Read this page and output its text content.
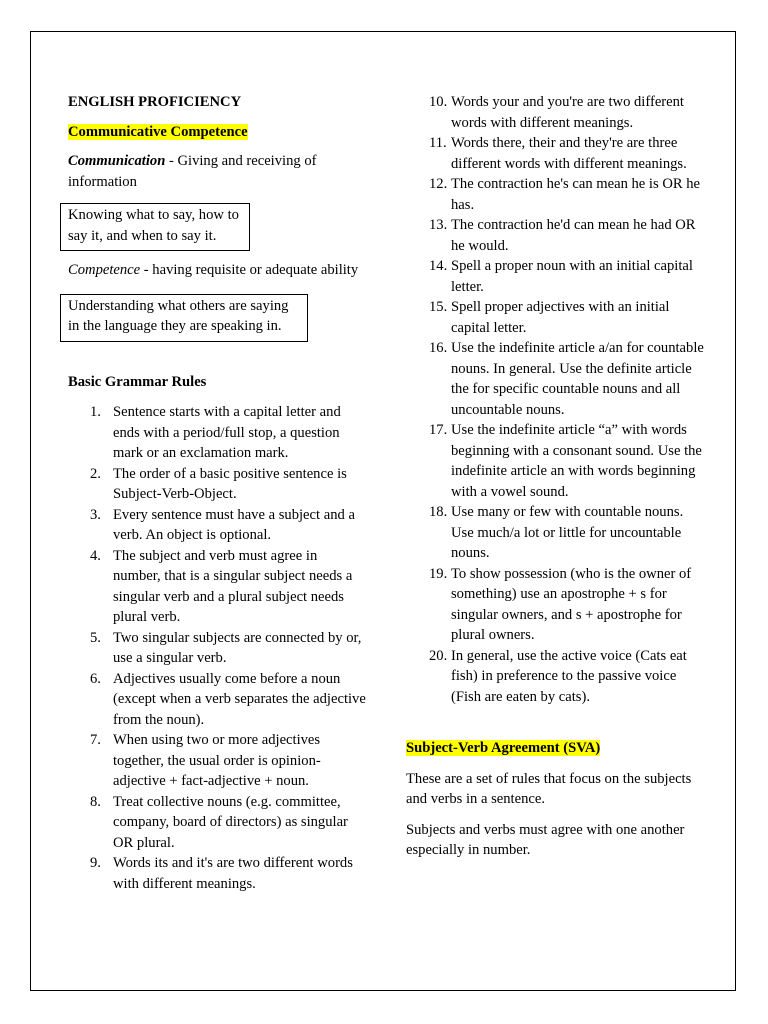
ENGLISH PROFICIENCY

Communicative Competence

Communication - Giving and receiving of information

Knowing what to say, how to say it, and when to say it.

Competence - having requisite or adequate ability

Understanding what others are saying in the language they are speaking in.

Basic Grammar Rules

1. Sentence starts with a capital letter and ends with a period/full stop, a question mark or an exclamation mark.
2. The order of a basic positive sentence is Subject-Verb-Object.
3. Every sentence must have a subject and a verb. An object is optional.
4. The subject and verb must agree in number, that is a singular subject needs a singular verb and a plural subject needs plural verb.
5. Two singular subjects are connected by or, use a singular verb.
6. Adjectives usually come before a noun (except when a verb separates the adjective from the noun).
7. When using two or more adjectives together, the usual order is opinion-adjective + fact-adjective + noun.
8. Treat collective nouns (e.g. committee, company, board of directors) as singular OR plural.
9. Words its and it's are two different words with different meanings.
10. Words your and you're are two different words with different meanings.
11. Words there, their and they're are three different words with different meanings.
12. The contraction he's can mean he is OR he has.
13. The contraction he'd can mean he had OR he would.
14. Spell a proper noun with an initial capital letter.
15. Spell proper adjectives with an initial capital letter.
16. Use the indefinite article a/an for countable nouns. In general. Use the definite article the for specific countable nouns and all uncountable nouns.
17. Use the indefinite article “a” with words beginning with a consonant sound. Use the indefinite article an with words beginning with a vowel sound.
18. Use many or few with countable nouns. Use much/a lot or little for uncountable nouns.
19. To show possession (who is the owner of something) use an apostrophe + s for singular owners, and s + apostrophe for plural owners.
20. In general, use the active voice (Cats eat fish) in preference to the passive voice (Fish are eaten by cats).

Subject-Verb Agreement (SVA)

These are a set of rules that focus on the subjects and verbs in a sentence.

Subjects and verbs must agree with one another especially in number.
